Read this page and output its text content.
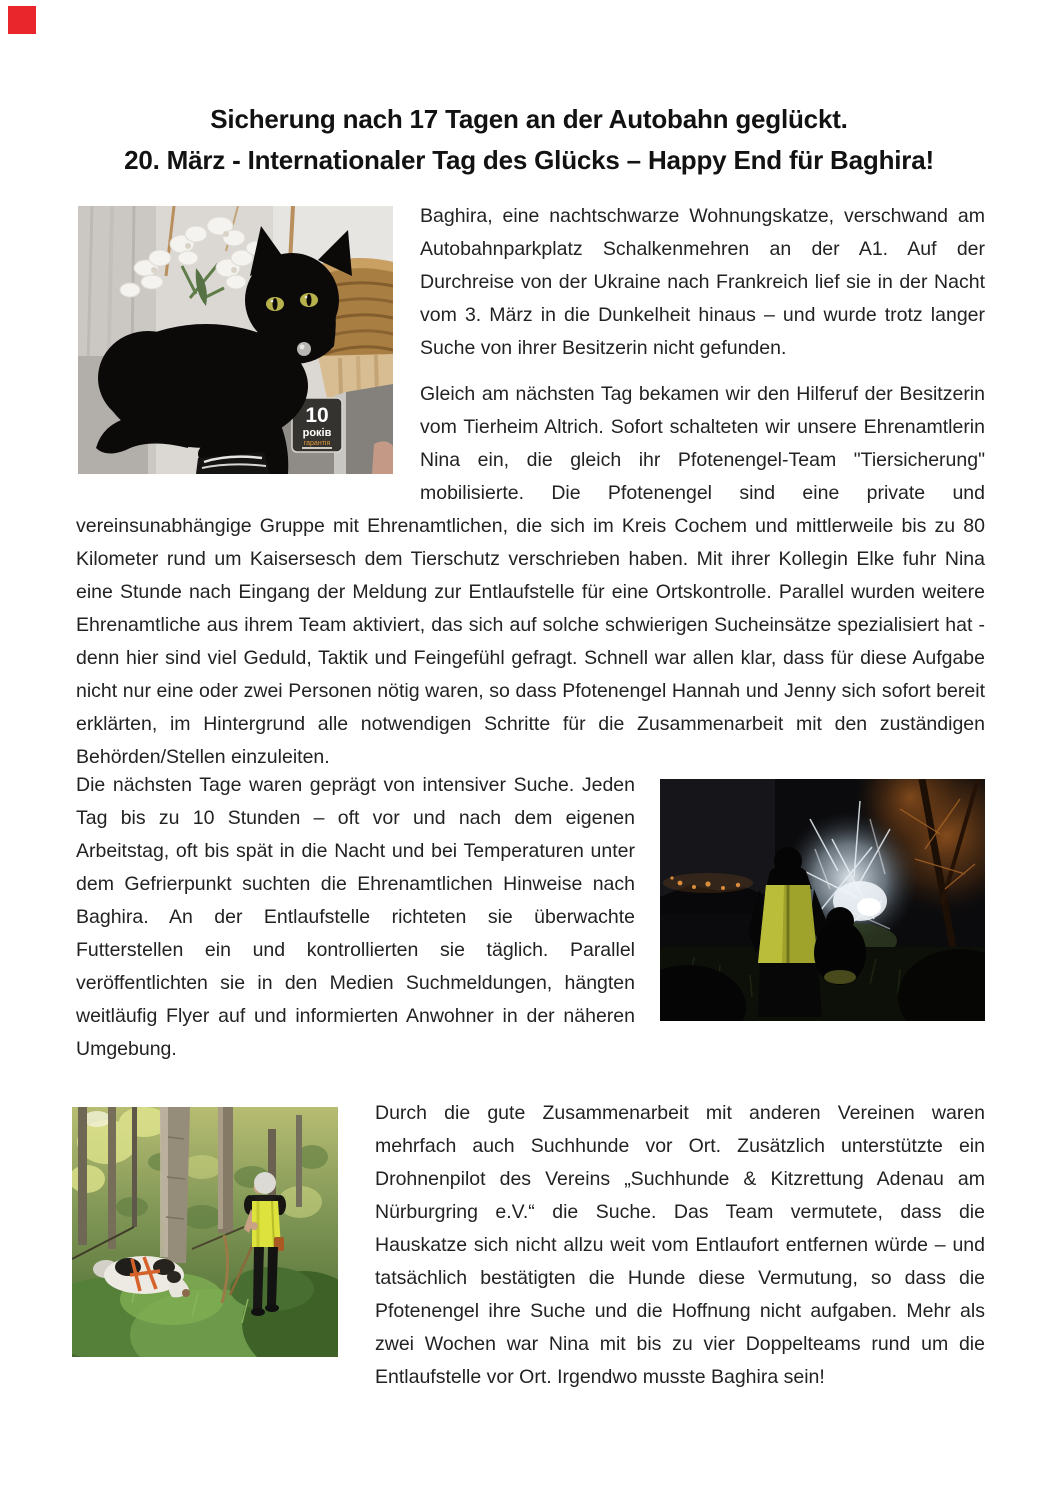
Sicherung nach 17 Tagen an der Autobahn geglückt.
20. März - Internationaler Tag des Glücks – Happy End für Baghira!
10
років
гарантія

Baghira, eine nachtschwarze Wohnungskatze, verschwand am Autobahnparkplatz Schalkenmehren an der A1. Auf der Durchreise von der Ukraine nach Frankreich lief sie in der Nacht vom 3. März in die Dunkelheit hinaus – und wurde trotz langer Suche von ihrer Besitzerin nicht gefunden.

Gleich am nächsten Tag bekamen wir den Hilferuf der Besitzerin vom Tierheim Altrich. Sofort schalteten wir unsere Ehrenamtlerin Nina ein, die gleich ihr Pfotenengel-Team "Tiersicherung" mobilisierte. Die Pfotenengel sind eine private und vereinsunabhängige Gruppe mit Ehrenamtlichen, die sich im Kreis Cochem und mittlerweile bis zu 80 Kilometer rund um Kaisersesch dem Tierschutz verschrieben haben. Mit ihrer Kollegin Elke fuhr Nina eine Stunde nach Eingang der Meldung zur Entlaufstelle für eine Ortskontrolle. Parallel wurden weitere Ehrenamtliche aus ihrem Team aktiviert, das sich auf solche schwierigen Sucheinsätze spezialisiert hat - denn hier sind viel Geduld, Taktik und Feingefühl gefragt. Schnell war allen klar, dass für diese Aufgabe nicht nur eine oder zwei Personen nötig waren, so dass Pfotenengel Hannah und Jenny sich sofort bereit erklärten, im Hintergrund alle notwendigen Schritte für die Zusammenarbeit mit den zuständigen Behörden/Stellen einzuleiten.

Die nächsten Tage waren geprägt von intensiver Suche. Jeden Tag bis zu 10 Stunden – oft vor und nach dem eigenen Arbeitstag, oft bis spät in die Nacht und bei Temperaturen unter dem Gefrierpunkt suchten die Ehrenamtlichen Hinweise nach Baghira. An der Entlaufstelle richteten sie überwachte Futterstellen ein und kontrollierten sie täglich. Parallel veröffentlichten sie in den Medien Suchmeldungen, hängten weitläufig Flyer auf und informierten Anwohner in der näheren Umgebung.

Durch die gute Zusammenarbeit mit anderen Vereinen waren mehrfach auch Suchhunde vor Ort. Zusätzlich unterstützte ein Drohnenpilot des Vereins „Suchhunde & Kitzrettung Adenau am Nürburgring e.V.“ die Suche. Das Team vermutete, dass die Hauskatze sich nicht allzu weit vom Entlaufort entfernen würde – und tatsächlich bestätigten die Hunde diese Vermutung, so dass die Pfotenengel ihre Suche und die Hoffnung nicht aufgaben. Mehr als zwei Wochen war Nina mit bis zu vier Doppelteams rund um die Entlaufstelle vor Ort. Irgendwo musste Baghira sein!
